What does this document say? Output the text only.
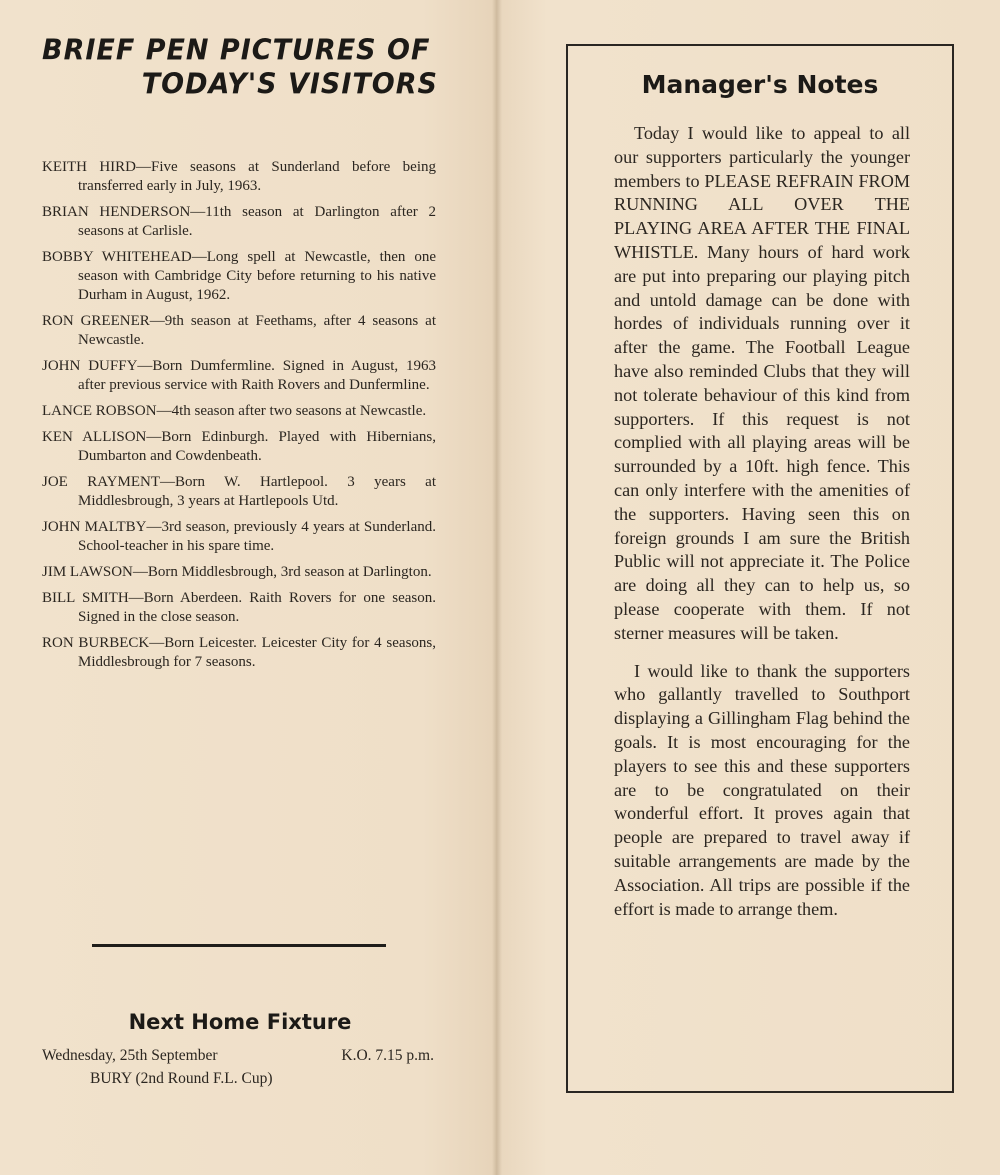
BRIEF PEN PICTURES OF
TODAY'S VISITORS
KEITH HIRD—Five seasons at Sunderland before being transferred early in July, 1963.
BRIAN HENDERSON—11th season at Darlington after 2 seasons at Carlisle.
BOBBY WHITEHEAD—Long spell at Newcastle, then one season with Cambridge City before returning to his native Durham in August, 1962.
RON GREENER—9th season at Feethams, after 4 seasons at Newcastle.
JOHN DUFFY—Born Dumfermline. Signed in August, 1963 after previous service with Raith Rovers and Dunfermline.
LANCE ROBSON—4th season after two seasons at Newcastle.
KEN ALLISON—Born Edinburgh. Played with Hibernians, Dumbarton and Cowdenbeath.
JOE RAYMENT—Born W. Hartlepool. 3 years at Middlesbrough, 3 years at Hartlepools Utd.
JOHN MALTBY—3rd season, previously 4 years at Sunderland. School-teacher in his spare time.
JIM LAWSON—Born Middlesbrough, 3rd season at Darlington.
BILL SMITH—Born Aberdeen. Raith Rovers for one season. Signed in the close season.
RON BURBECK—Born Leicester. Leicester City for 4 seasons, Middlesbrough for 7 seasons.
Next Home Fixture
Wednesday, 25th September	K.O. 7.15 p.m.
BURY (2nd Round F.L. Cup)
Manager's Notes

Today I would like to appeal to all our supporters particularly the younger members to PLEASE REFRAIN FROM RUNNING ALL OVER THE PLAYING AREA AFTER THE FINAL WHISTLE. Many hours of hard work are put into preparing our playing pitch and untold damage can be done with hordes of individuals running over it after the game. The Football League have also reminded Clubs that they will not tolerate behaviour of this kind from supporters. If this request is not complied with all playing areas will be surrounded by a 10ft. high fence. This can only interfere with the amenities of the supporters. Having seen this on foreign grounds I am sure the British Public will not appreciate it. The Police are doing all they can to help us, so please cooperate with them. If not sterner measures will be taken.

I would like to thank the supporters who gallantly travelled to Southport displaying a Gillingham Flag behind the goals. It is most encouraging for the players to see this and these supporters are to be congratulated on their wonderful effort. It proves again that people are prepared to travel away if suitable arrangements are made by the Association. All trips are possible if the effort is made to arrange them.
